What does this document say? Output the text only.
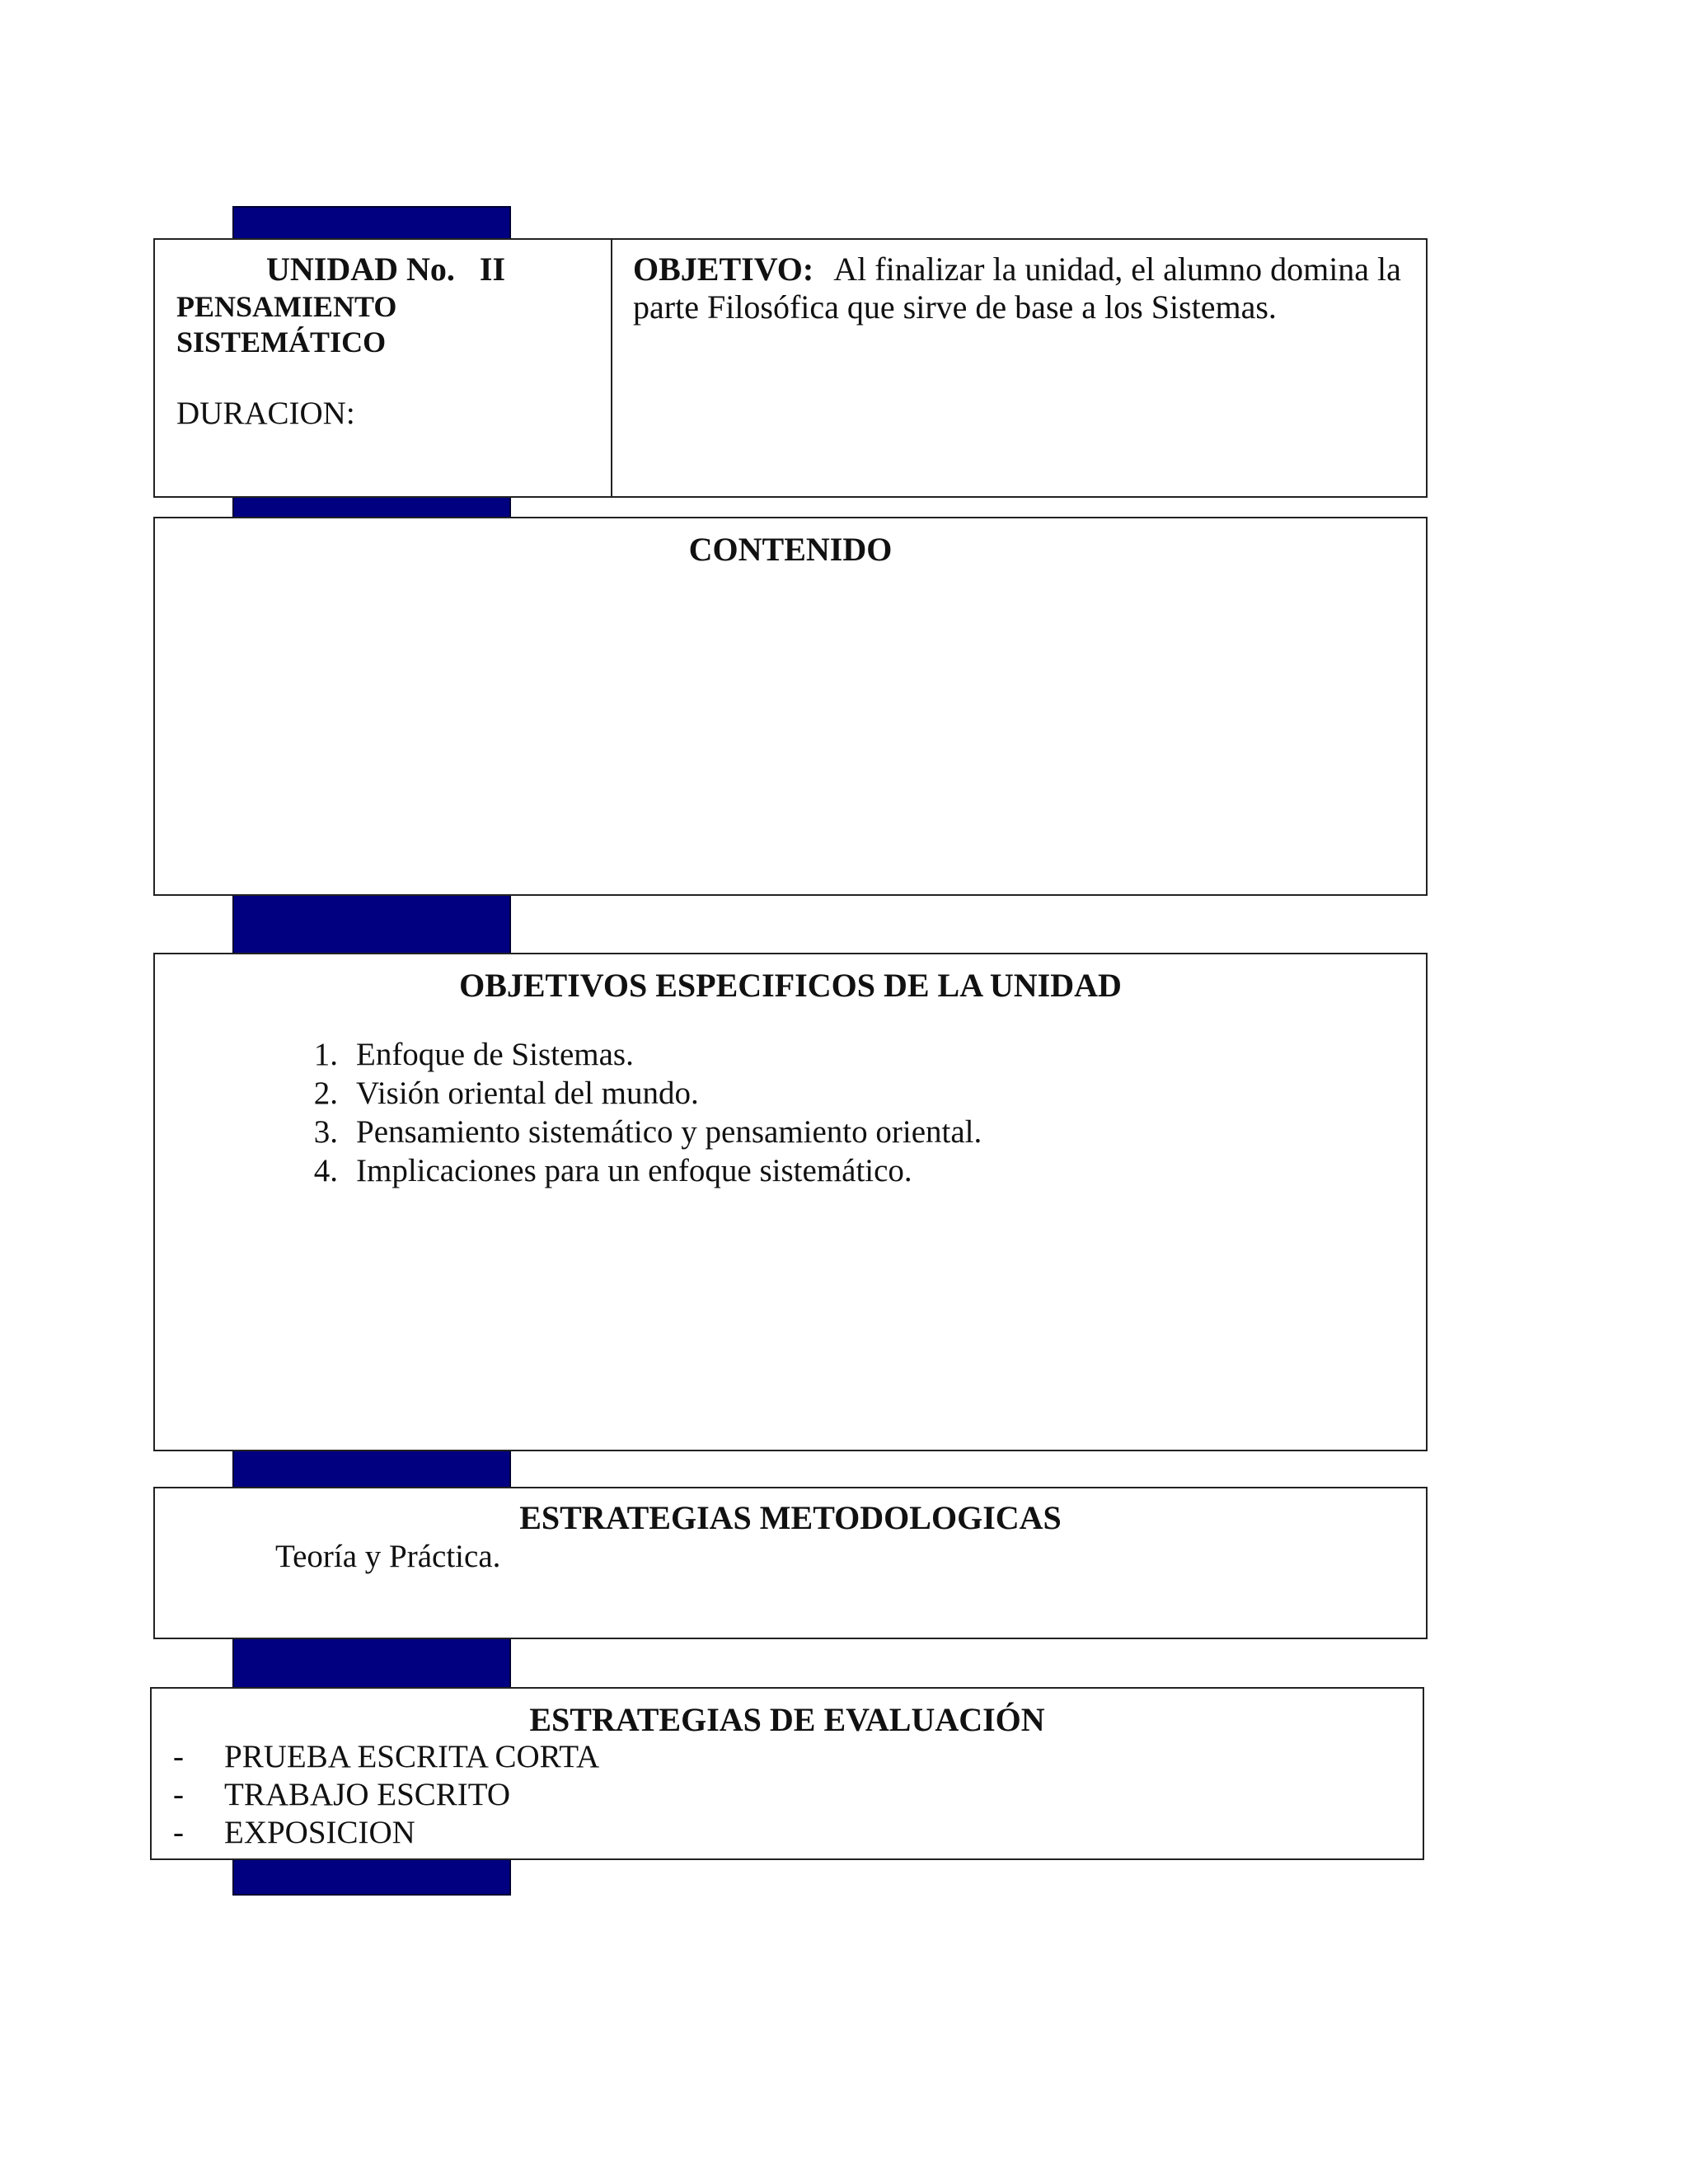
UNIDAD No.   II
PENSAMIENTO
SISTEMÁTICO
DURACION:
OBJETIVO: Al finalizar la unidad, el alumno domina la
parte Filosófica que sirve de base a los Sistemas.
CONTENIDO
OBJETIVOS ESPECIFICOS DE LA UNIDAD
1. Enfoque de Sistemas.
2. Visión oriental del mundo.
3. Pensamiento sistemático y pensamiento oriental.
4. Implicaciones para un enfoque sistemático.
ESTRATEGIAS METODOLOGICAS
Teoría y Práctica.
ESTRATEGIAS DE EVALUACIÓN
-	PRUEBA ESCRITA CORTA
-	TRABAJO ESCRITO
-	EXPOSICION
